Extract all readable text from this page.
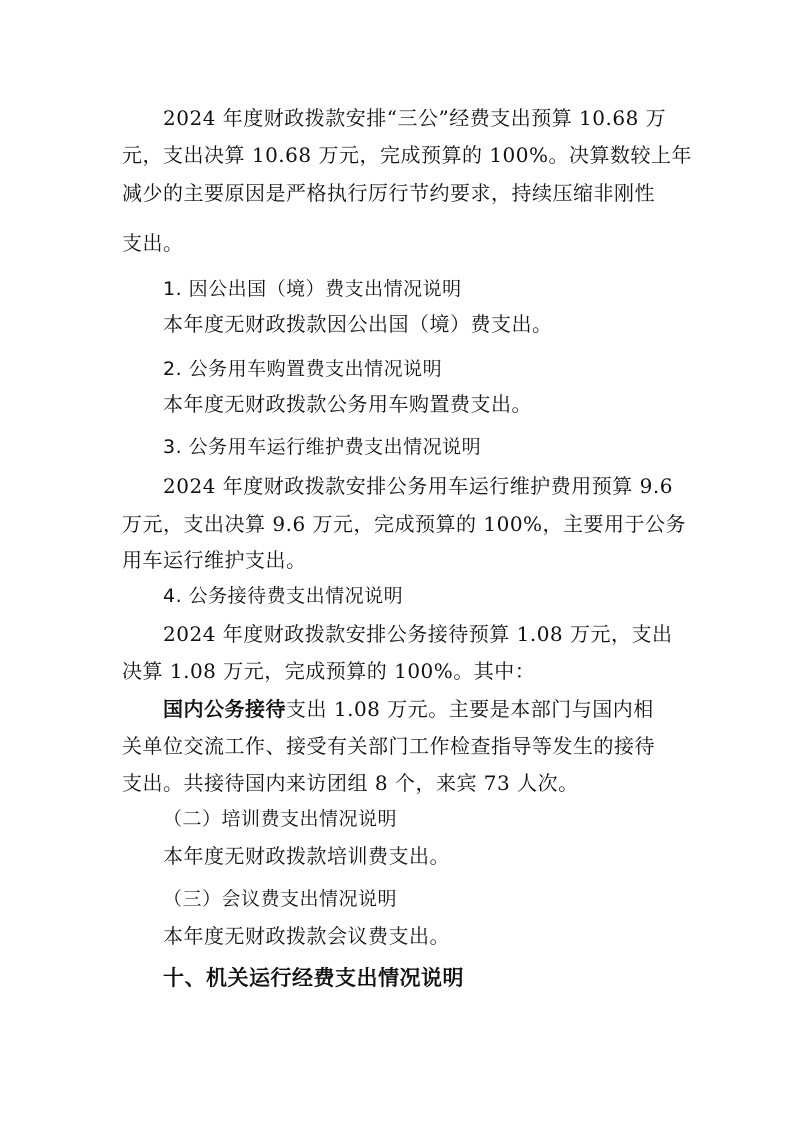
2024 年度财政拨款安排“三公”经费支出预算 10.68 万
元，支出决算 10.68 万元，完成预算的 100%。决算数较上年
减少的主要原因是严格执行厉行节约要求，持续压缩非刚性
支出。
1. 因公出国（境）费支出情况说明
本年度无财政拨款因公出国（境）费支出。
2. 公务用车购置费支出情况说明
本年度无财政拨款公务用车购置费支出。
3. 公务用车运行维护费支出情况说明
2024 年度财政拨款安排公务用车运行维护费用预算 9.6
万元，支出决算 9.6 万元，完成预算的 100%，主要用于公务
用车运行维护支出。
4. 公务接待费支出情况说明
2024 年度财政拨款安排公务接待预算 1.08 万元，支出
决算 1.08 万元，完成预算的 100%。其中：
国内公务接待支出 1.08 万元。主要是本部门与国内相
关单位交流工作、接受有关部门工作检查指导等发生的接待
支出。共接待国内来访团组 8 个，来宾 73 人次。
（二）培训费支出情况说明
本年度无财政拨款培训费支出。
（三）会议费支出情况说明
本年度无财政拨款会议费支出。
十、机关运行经费支出情况说明
